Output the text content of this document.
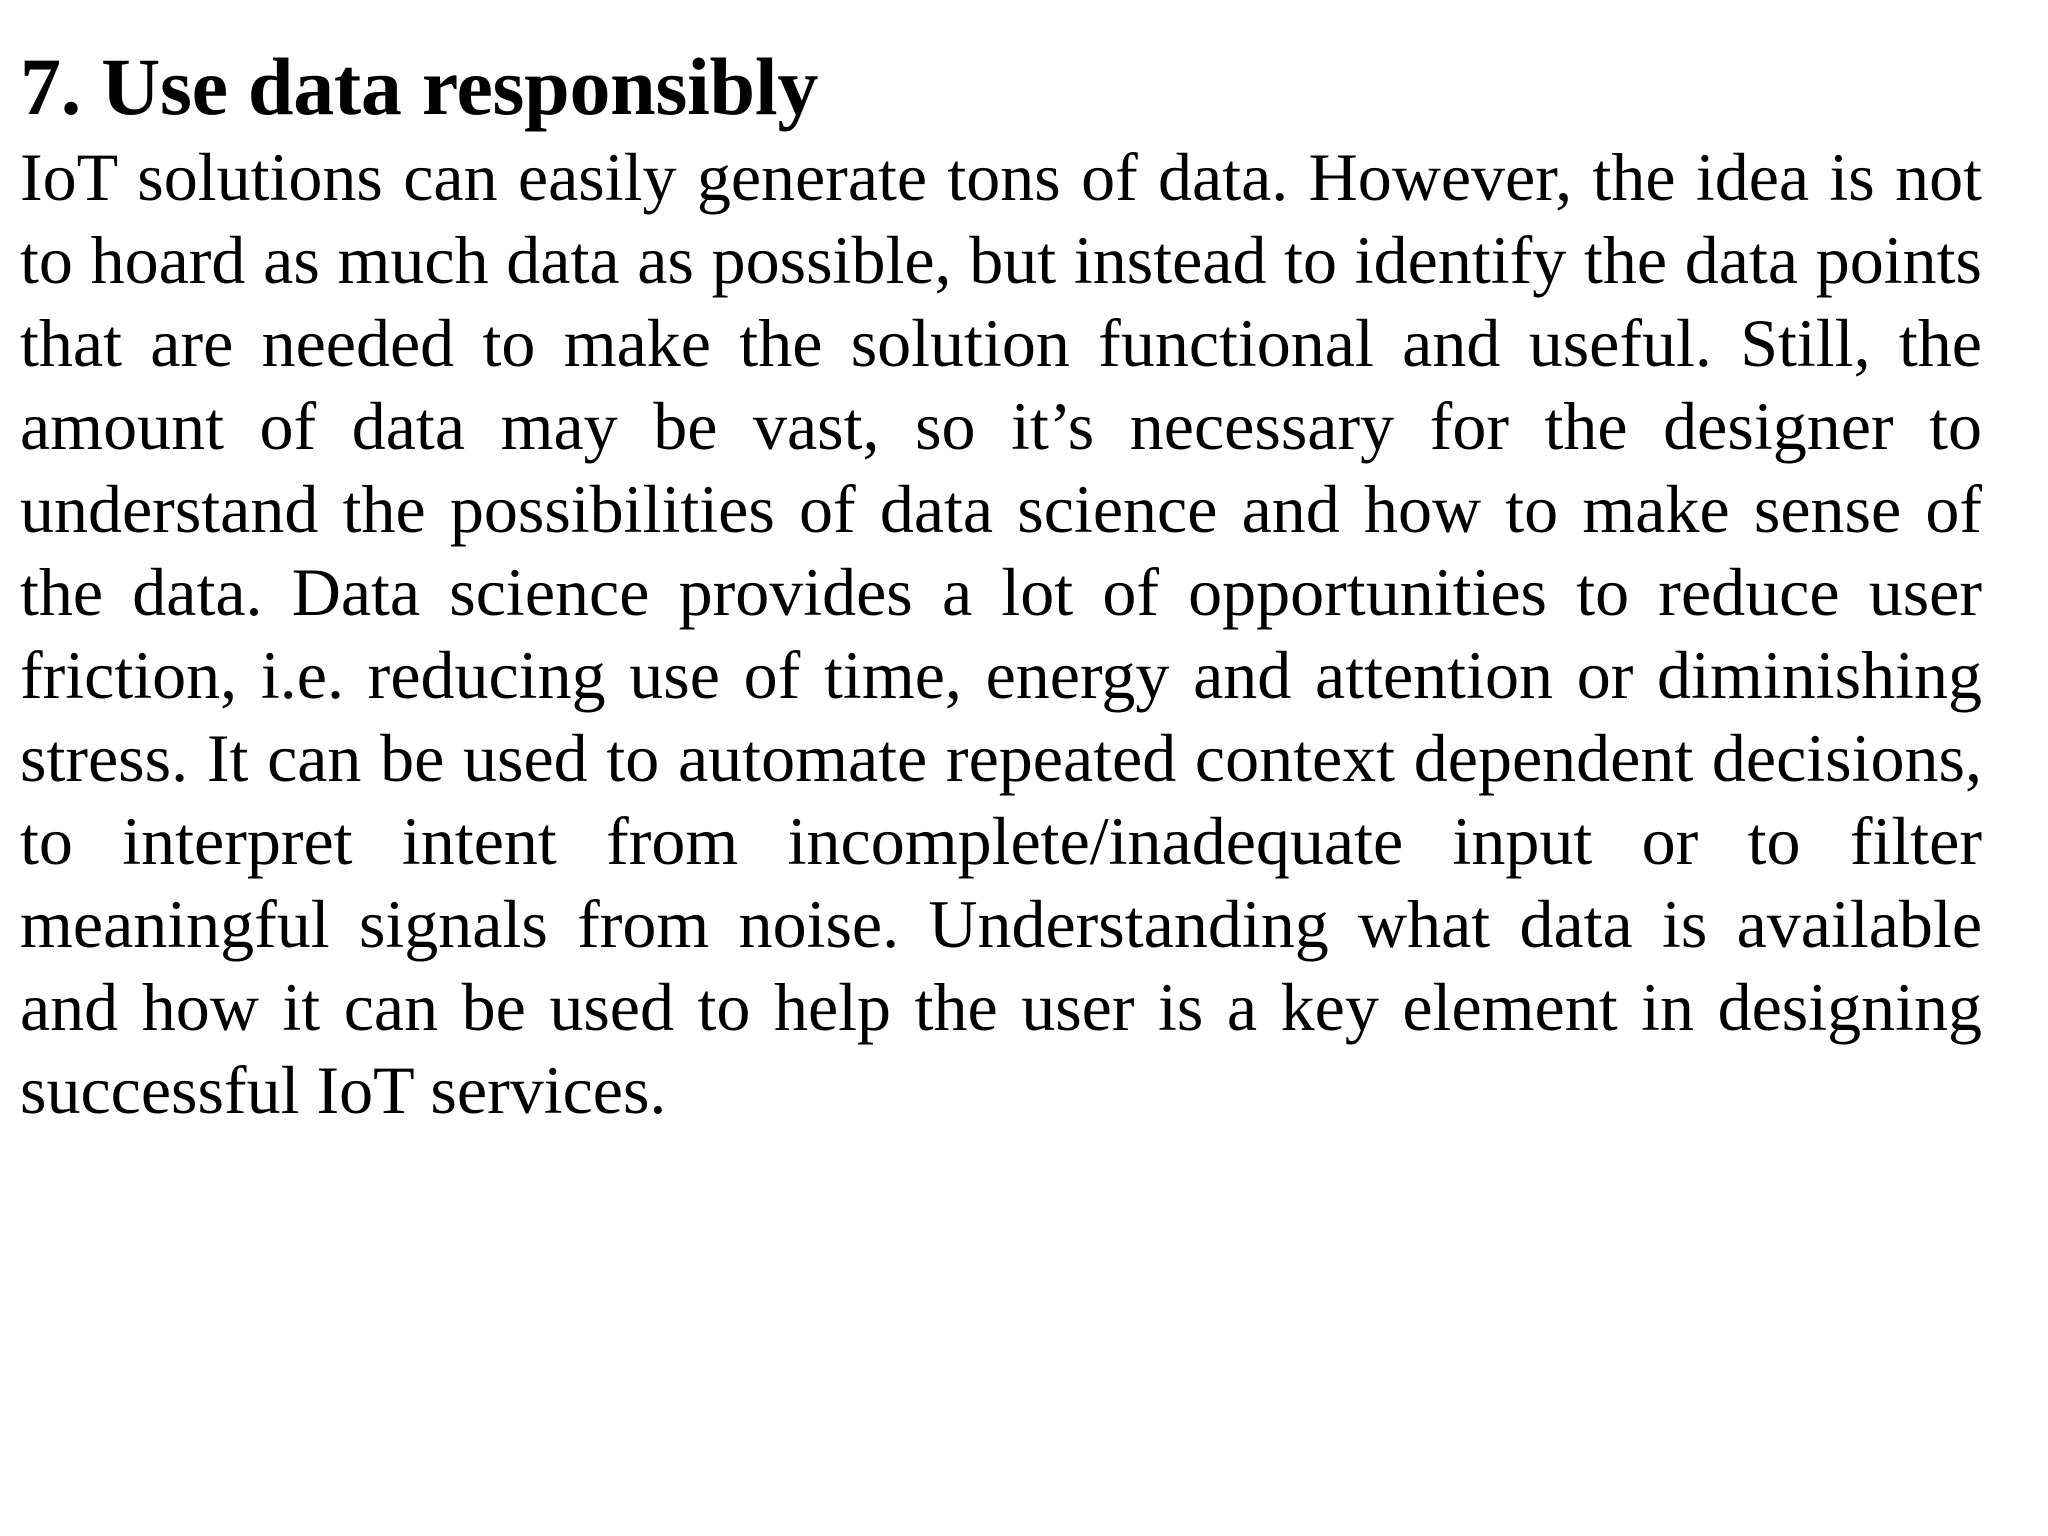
7. Use data responsibly

IoT solutions can easily generate tons of data. However, the idea is not to hoard as much data as possible, but instead to identify the data points that are needed to make the solution functional and useful. Still, the amount of data may be vast, so it’s necessary for the designer to understand the possibilities of data science and how to make sense of the data. Data science provides a lot of opportunities to reduce user friction, i.e. reducing use of time, energy and attention or diminishing stress. It can be used to automate repeated context dependent decisions, to interpret intent from incomplete/inadequate input or to filter meaningful signals from noise. Understanding what data is available and how it can be used to help the user is a key element in designing successful IoT services.
